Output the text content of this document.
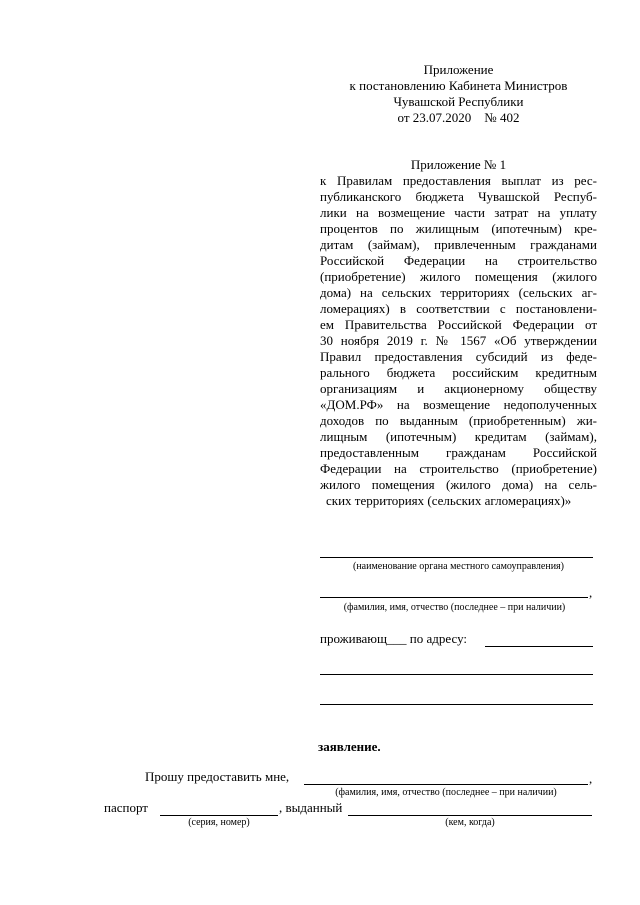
Приложение
к постановлению Кабинета Министров
Чувашской Республики
от 23.07.2020    № 402
Приложение № 1
к Правилам предоставления выплат из рес-
публиканского бюджета Чувашской Респуб-
лики на возмещение части затрат на уплату
процентов по жилищным (ипотечным) кре-
дитам (займам), привлеченным гражданами
Российской Федерации на строительство
(приобретение) жилого помещения (жилого
дома) на сельских территориях (сельских аг-
ломерациях) в соответствии с постановлени-
ем Правительства Российской Федерации от
30 ноября 2019 г. № 1567 «Об утверждении
Правил предоставления субсидий из феде-
рального бюджета российским кредитным
организациям и акционерному обществу
«ДОМ.РФ» на возмещение недополученных
доходов по выданным (приобретенным) жи-
лищным (ипотечным) кредитам (займам),
предоставленным гражданам Российской
Федерации на строительство (приобретение)
жилого помещения (жилого дома) на сель-
ских территориях (сельских агломерациях)»
(наименование органа местного самоуправления)
,
(фамилия, имя, отчество (последнее – при наличии)
проживающ___ по адресу:
заявление.
Прошу предоставить мне,	,
(фамилия, имя, отчество (последнее – при наличии)
паспорт	, выданный
(серия, номер)	(кем, когда)
